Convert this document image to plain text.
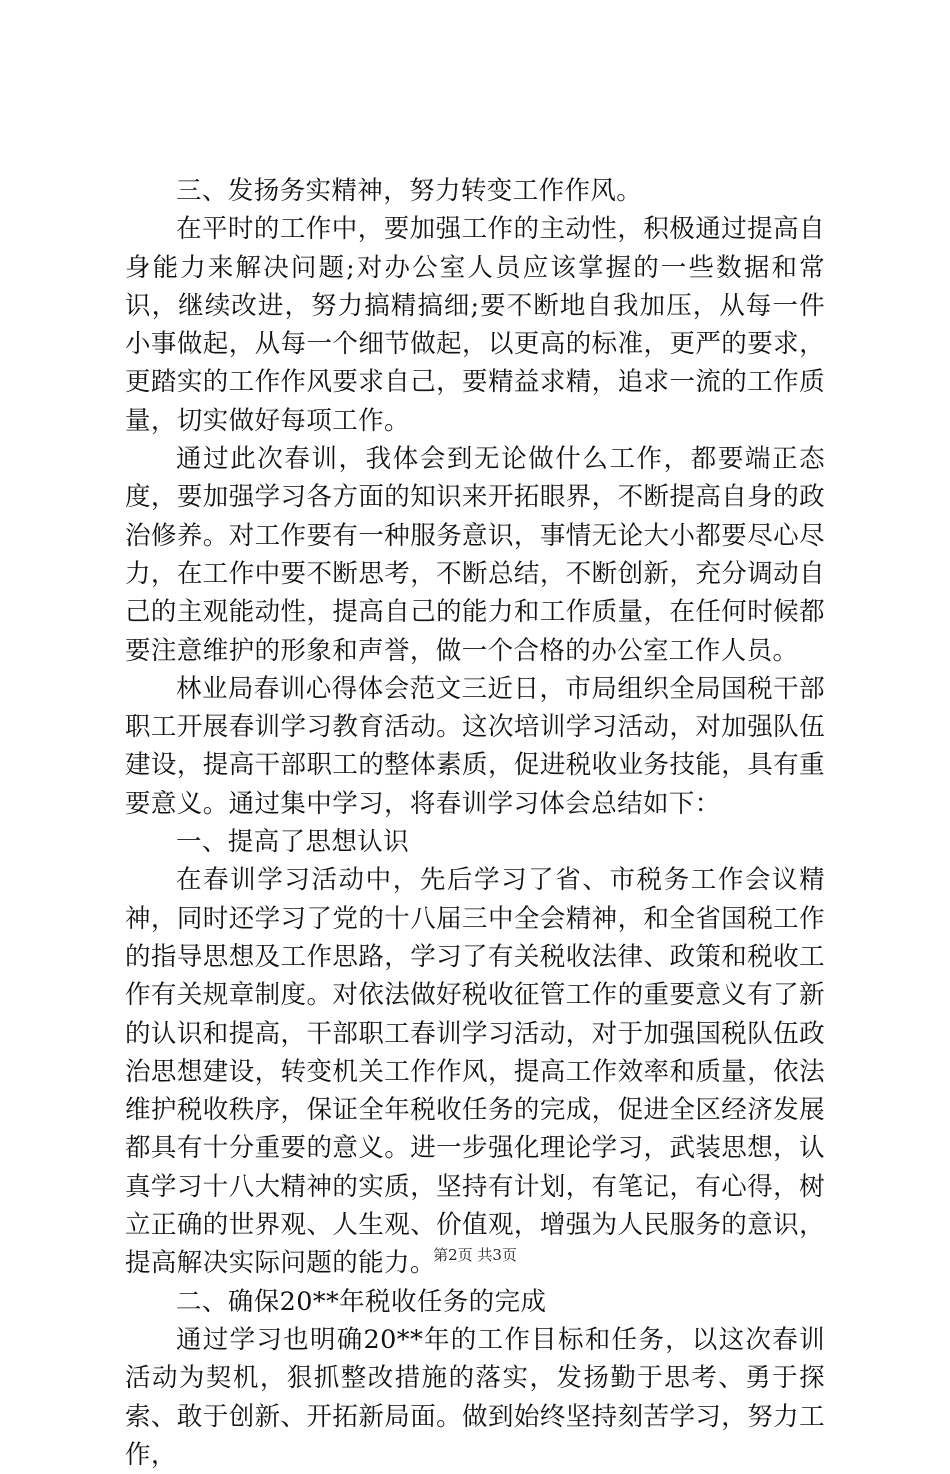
三、发扬务实精神，努力转变工作作风。

在平时的工作中，要加强工作的主动性，积极通过提高自身能力来解决问题;对办公室人员应该掌握的一些数据和常识，继续改进，努力搞精搞细;要不断地自我加压，从每一件小事做起，从每一个细节做起，以更高的标准，更严的要求，更踏实的工作作风要求自己，要精益求精，追求一流的工作质量，切实做好每项工作。

通过此次春训，我体会到无论做什么工作，都要端正态度，要加强学习各方面的知识来开拓眼界，不断提高自身的政治修养。对工作要有一种服务意识，事情无论大小都要尽心尽力，在工作中要不断思考，不断总结，不断创新，充分调动自己的主观能动性，提高自己的能力和工作质量，在任何时候都要注意维护的形象和声誉，做一个合格的办公室工作人员。

林业局春训心得体会范文三近日，市局组织全局国税干部职工开展春训学习教育活动。这次培训学习活动，对加强队伍建设，提高干部职工的整体素质，促进税收业务技能，具有重要意义。通过集中学习，将春训学习体会总结如下：

一、提高了思想认识

在春训学习活动中，先后学习了省、市税务工作会议精神，同时还学习了党的十八届三中全会精神，和全省国税工作的指导思想及工作思路，学习了有关税收法律、政策和税收工作有关规章制度。对依法做好税收征管工作的重要意义有了新的认识和提高，干部职工春训学习活动，对于加强国税队伍政治思想建设，转变机关工作作风，提高工作效率和质量，依法维护税收秩序，保证全年税收任务的完成，促进全区经济发展都具有十分重要的意义。进一步强化理论学习，武装思想，认真学习十八大精神的实质，坚持有计划，有笔记，有心得，树立正确的世界观、人生观、价值观，增强为人民服务的意识，提高解决实际问题的能力。

二、确保20**年税收任务的完成

通过学习也明确20**年的工作目标和任务，以这次春训活动为契机，狠抓整改措施的落实，发扬勤于思考、勇于探索、敢于创新、开拓新局面。做到始终坚持刻苦学习，努力工作，

第2页 共3页
